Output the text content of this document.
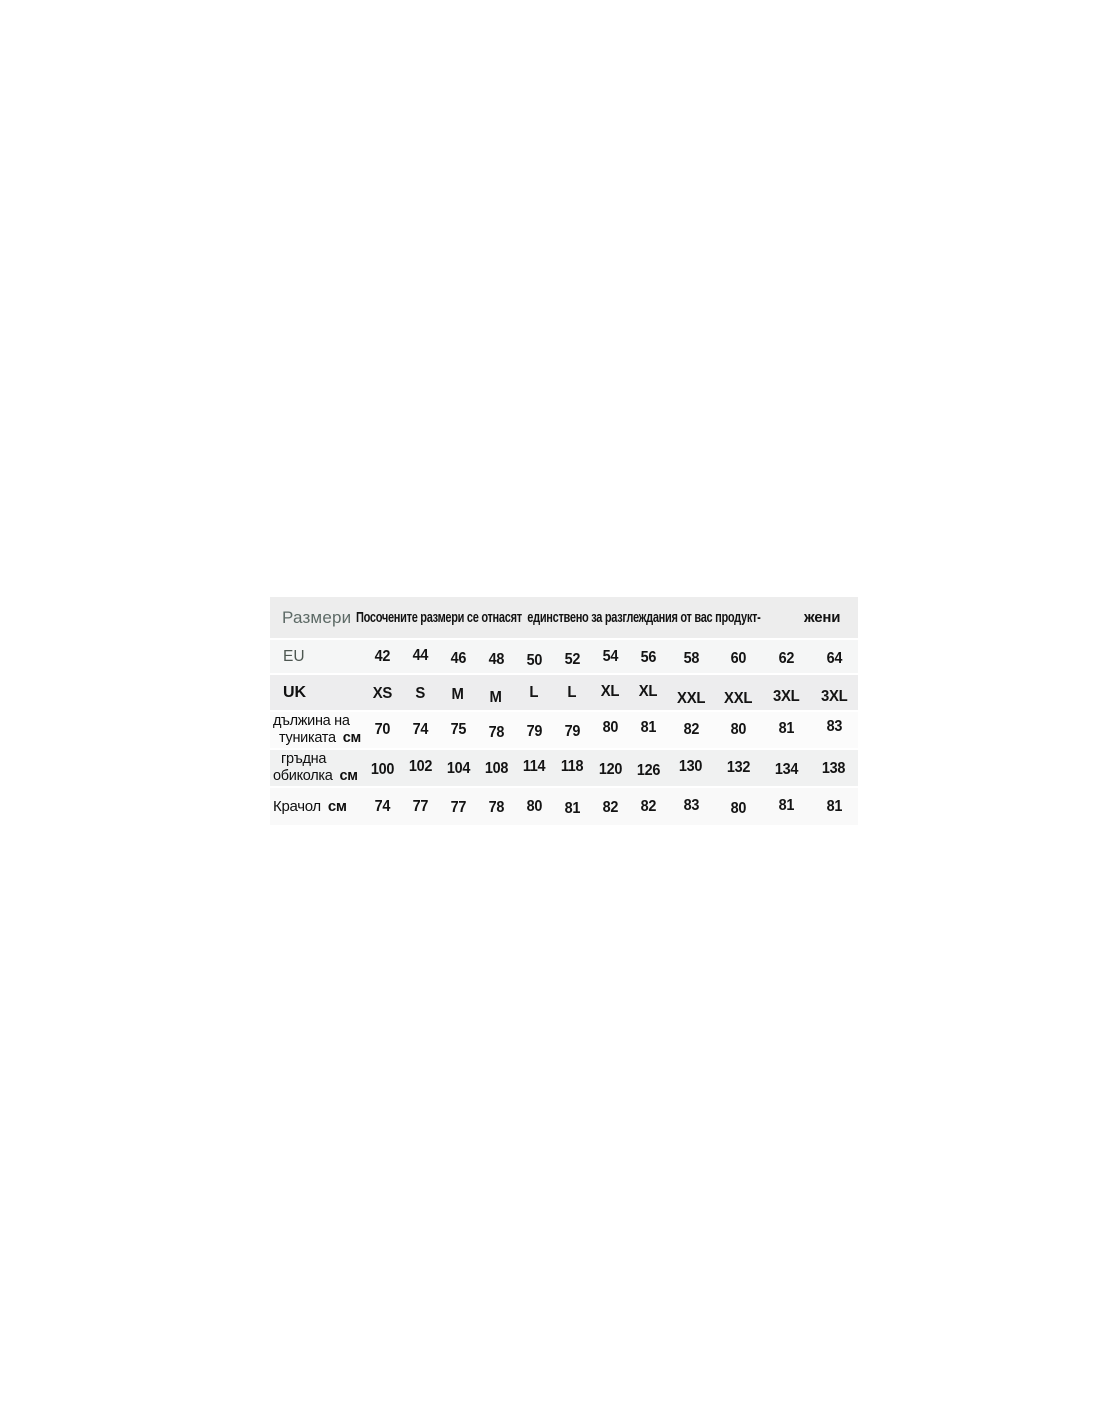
Размери Посочените размери се отнасят  единствено за разглеждания от вас продукт-	жени
EU	42 44 46 48 50 52 54 56 58 60 62 64
UK	XS S M M L L XL XL XXL XXL 3XL 3XL
дължина на
туниката см 70 74 75 78 79 79 80 81 82 80 81 83
гръдна
обиколка см 100 102 104 108 114 118 120 126 130 132 134 138
Крачол см	74 77 77 78 80 81 82 82 83 80 81 81
